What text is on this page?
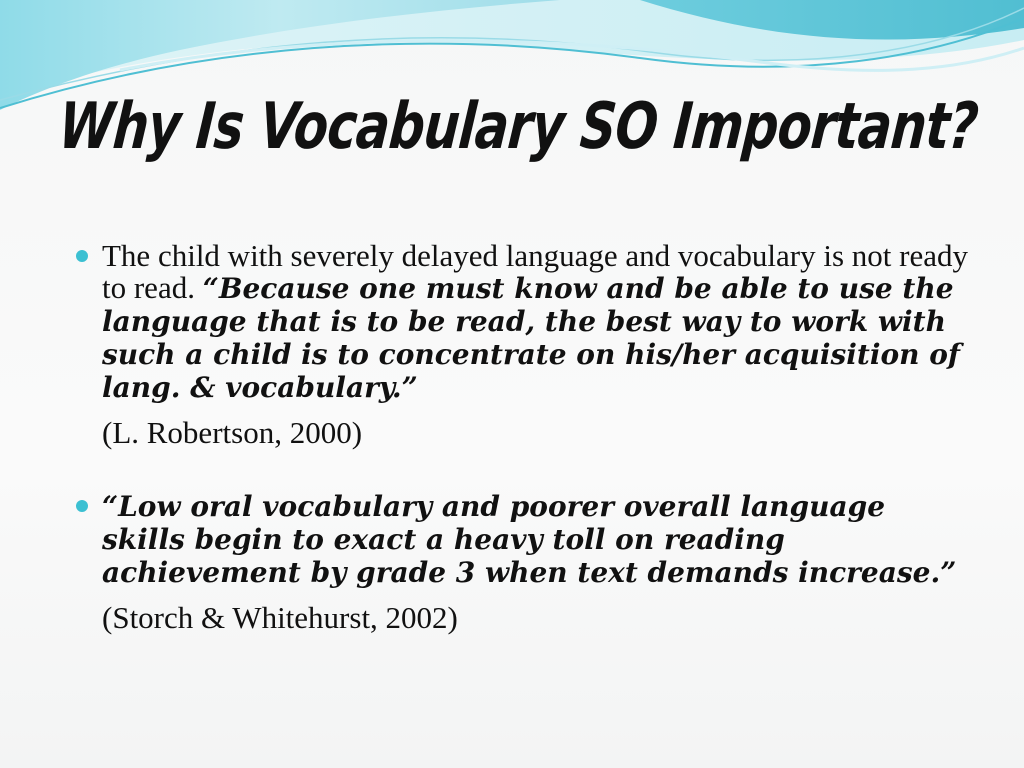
Why Is Vocabulary SO Important?

The child with severely delayed language and vocabulary is not ready to read. “Because one must know and be able to use the language that is to be read, the best way to work with such a child is to concentrate on his/her acquisition of lang. & vocabulary.”

(L. Robertson, 2000)

“Low oral vocabulary and poorer overall language skills begin to exact a heavy toll on reading achievement by grade 3 when text demands increase.”

(Storch & Whitehurst, 2002)
